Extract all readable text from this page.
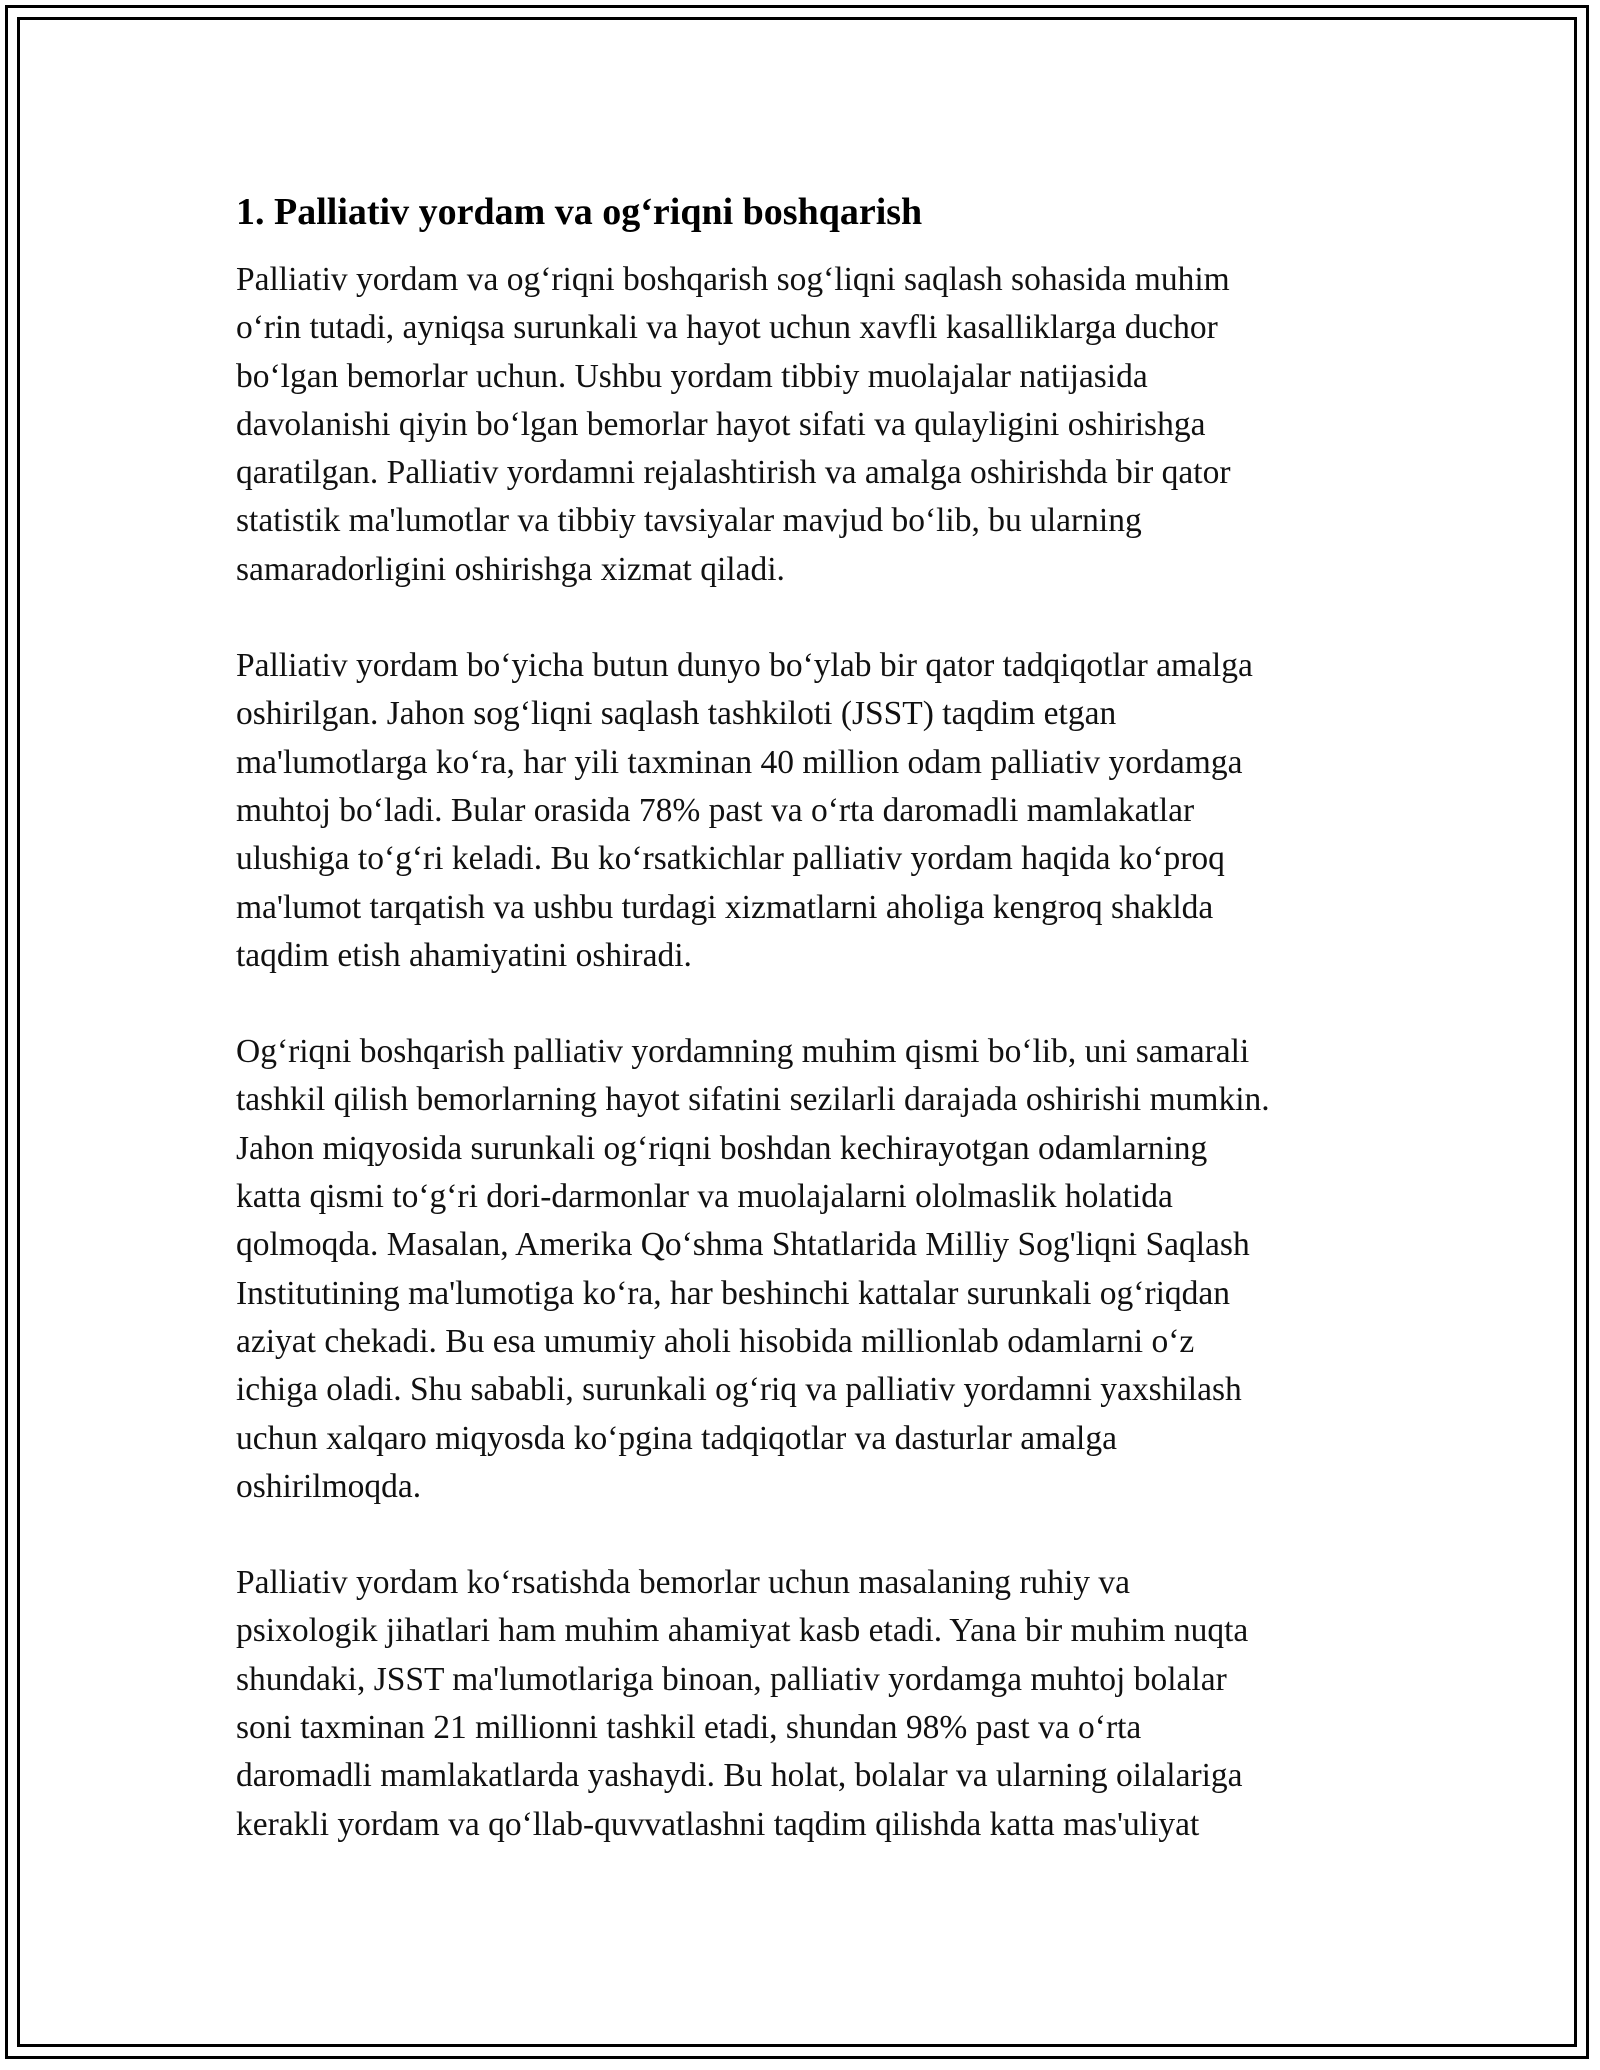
1. Palliativ yordam va og‘riqni boshqarish
Palliativ yordam va og‘riqni boshqarish sog‘liqni saqlash sohasida muhim
o‘rin tutadi, ayniqsa surunkali va hayot uchun xavfli kasalliklarga duchor
bo‘lgan bemorlar uchun. Ushbu yordam tibbiy muolajalar natijasida
davolanishi qiyin bo‘lgan bemorlar hayot sifati va qulayligini oshirishga
qaratilgan. Palliativ yordamni rejalashtirish va amalga oshirishda bir qator
statistik ma'lumotlar va tibbiy tavsiyalar mavjud bo‘lib, bu ularning
samaradorligini oshirishga xizmat qiladi.
Palliativ yordam bo‘yicha butun dunyo bo‘ylab bir qator tadqiqotlar amalga
oshirilgan. Jahon sog‘liqni saqlash tashkiloti (JSST) taqdim etgan
ma'lumotlarga ko‘ra, har yili taxminan 40 million odam palliativ yordamga
muhtoj bo‘ladi. Bular orasida 78% past va o‘rta daromadli mamlakatlar
ulushiga to‘g‘ri keladi. Bu ko‘rsatkichlar palliativ yordam haqida ko‘proq
ma'lumot tarqatish va ushbu turdagi xizmatlarni aholiga kengroq shaklda
taqdim etish ahamiyatini oshiradi.
Og‘riqni boshqarish palliativ yordamning muhim qismi bo‘lib, uni samarali
tashkil qilish bemorlarning hayot sifatini sezilarli darajada oshirishi mumkin.
Jahon miqyosida surunkali og‘riqni boshdan kechirayotgan odamlarning
katta qismi to‘g‘ri dori-darmonlar va muolajalarni ololmaslik holatida
qolmoqda. Masalan, Amerika Qo‘shma Shtatlarida Milliy Sog'liqni Saqlash
Institutining ma'lumotiga ko‘ra, har beshinchi kattalar surunkali og‘riqdan
aziyat chekadi. Bu esa umumiy aholi hisobida millionlab odamlarni o‘z
ichiga oladi. Shu sababli, surunkali og‘riq va palliativ yordamni yaxshilash
uchun xalqaro miqyosda ko‘pgina tadqiqotlar va dasturlar amalga
oshirilmoqda.
Palliativ yordam ko‘rsatishda bemorlar uchun masalaning ruhiy va
psixologik jihatlari ham muhim ahamiyat kasb etadi. Yana bir muhim nuqta
shundaki, JSST ma'lumotlariga binoan, palliativ yordamga muhtoj bolalar
soni taxminan 21 millionni tashkil etadi, shundan 98% past va o‘rta
daromadli mamlakatlarda yashaydi. Bu holat, bolalar va ularning oilalariga
kerakli yordam va qo‘llab-quvvatlashni taqdim qilishda katta mas'uliyat
